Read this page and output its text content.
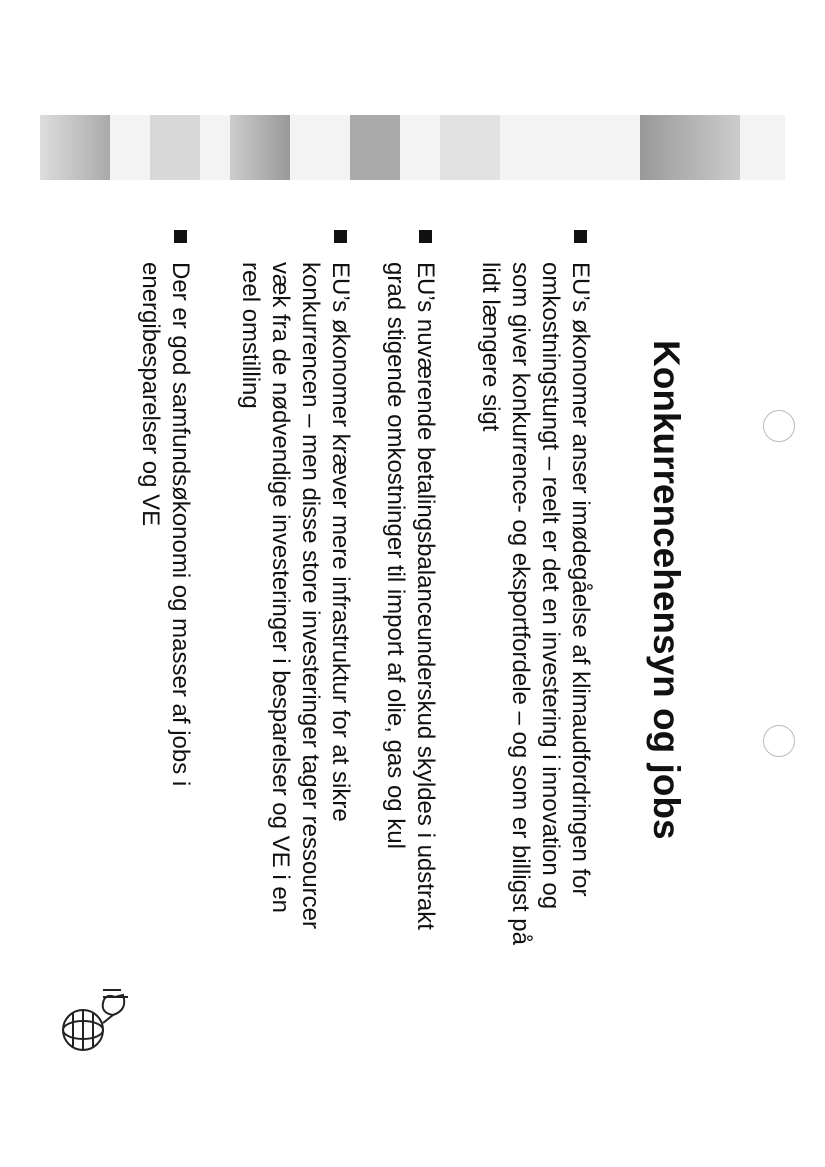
Konkurrencehensyn og jobs
EU’s økonomer anser imødegåelse af klimaudfordringen for
omkostningstungt – reelt er det en investering i innovation og
som giver konkurrence- og eksportfordele – og som er billigst på
lidt længere sigt
EU’s nuværende betalingsbalanceunderskud skyldes i udstrakt
grad stigende omkostninger til import af olie, gas og kul
EU’s økonomer kræver mere infrastruktur for at sikre
konkurrencen – men disse store investeringer tager ressourcer
væk fra de nødvendige investeringer i besparelser og VE i en
reel omstilling
Der er god samfundsøkonomi og masser af jobs i
energibesparelser og VE
